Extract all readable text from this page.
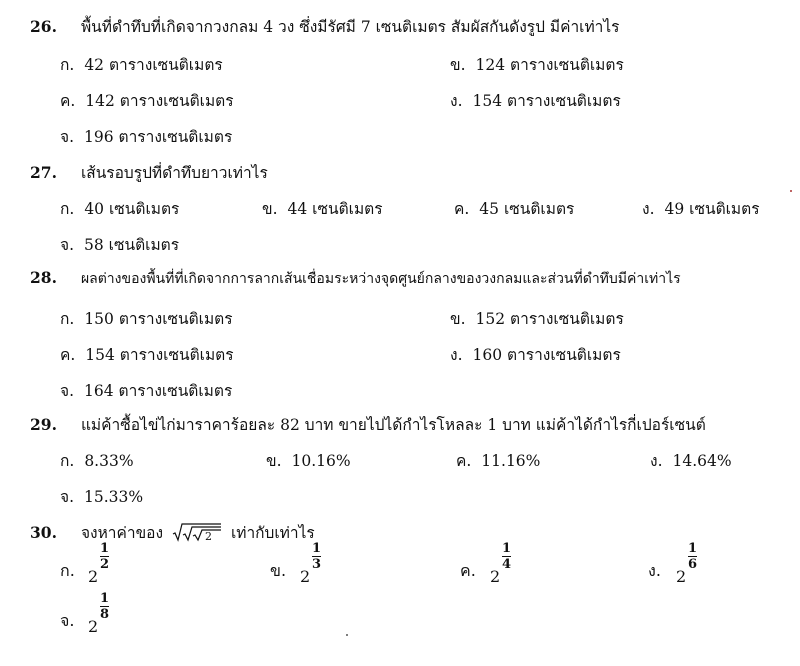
26. พื้นที่ดำทึบที่เกิดจากวงกลม 4 วง ซึ่งมีรัศมี 7 เซนติเมตร สัมผัสกันดังรูป มีค่าเท่าไร
ก. 42 ตารางเซนติเมตร	ข. 124 ตารางเซนติเมตร
ค. 142 ตารางเซนติเมตร	ง. 154 ตารางเซนติเมตร
จ. 196 ตารางเซนติเมตร
27. เส้นรอบรูปที่ดำทึบยาวเท่าไร
ก. 40 เซนติเมตร	ข. 44 เซนติเมตร	ค. 45 เซนติเมตร	ง. 49 เซนติเมตร
จ. 58 เซนติเมตร
28. ผลต่างของพื้นที่ที่เกิดจากการลากเส้นเชื่อมระหว่างจุดศูนย์กลางของวงกลมและส่วนที่ดำทึบมีค่าเท่าไร
ก. 150 ตารางเซนติเมตร	ข. 152 ตารางเซนติเมตร
ค. 154 ตารางเซนติเมตร	ง. 160 ตารางเซนติเมตร
จ. 164 ตารางเซนติเมตร
29. แม่ค้าซื้อไข่ไก่มาราคาร้อยละ 82 บาท ขายไปได้กำไรโหลละ 1 บาท แม่ค้าได้กำไรกี่เปอร์เซนต์
ก. 8.33%	ข. 10.16%	ค. 11.16%	ง. 14.64%
จ. 15.33%
30. จงหาค่าของ	2 เท่ากับเท่าไร
ก. 2
1
2	ข. 2
1
3	ค. 2
1
4	ง. 2
1
6
จ. 2
1
8
